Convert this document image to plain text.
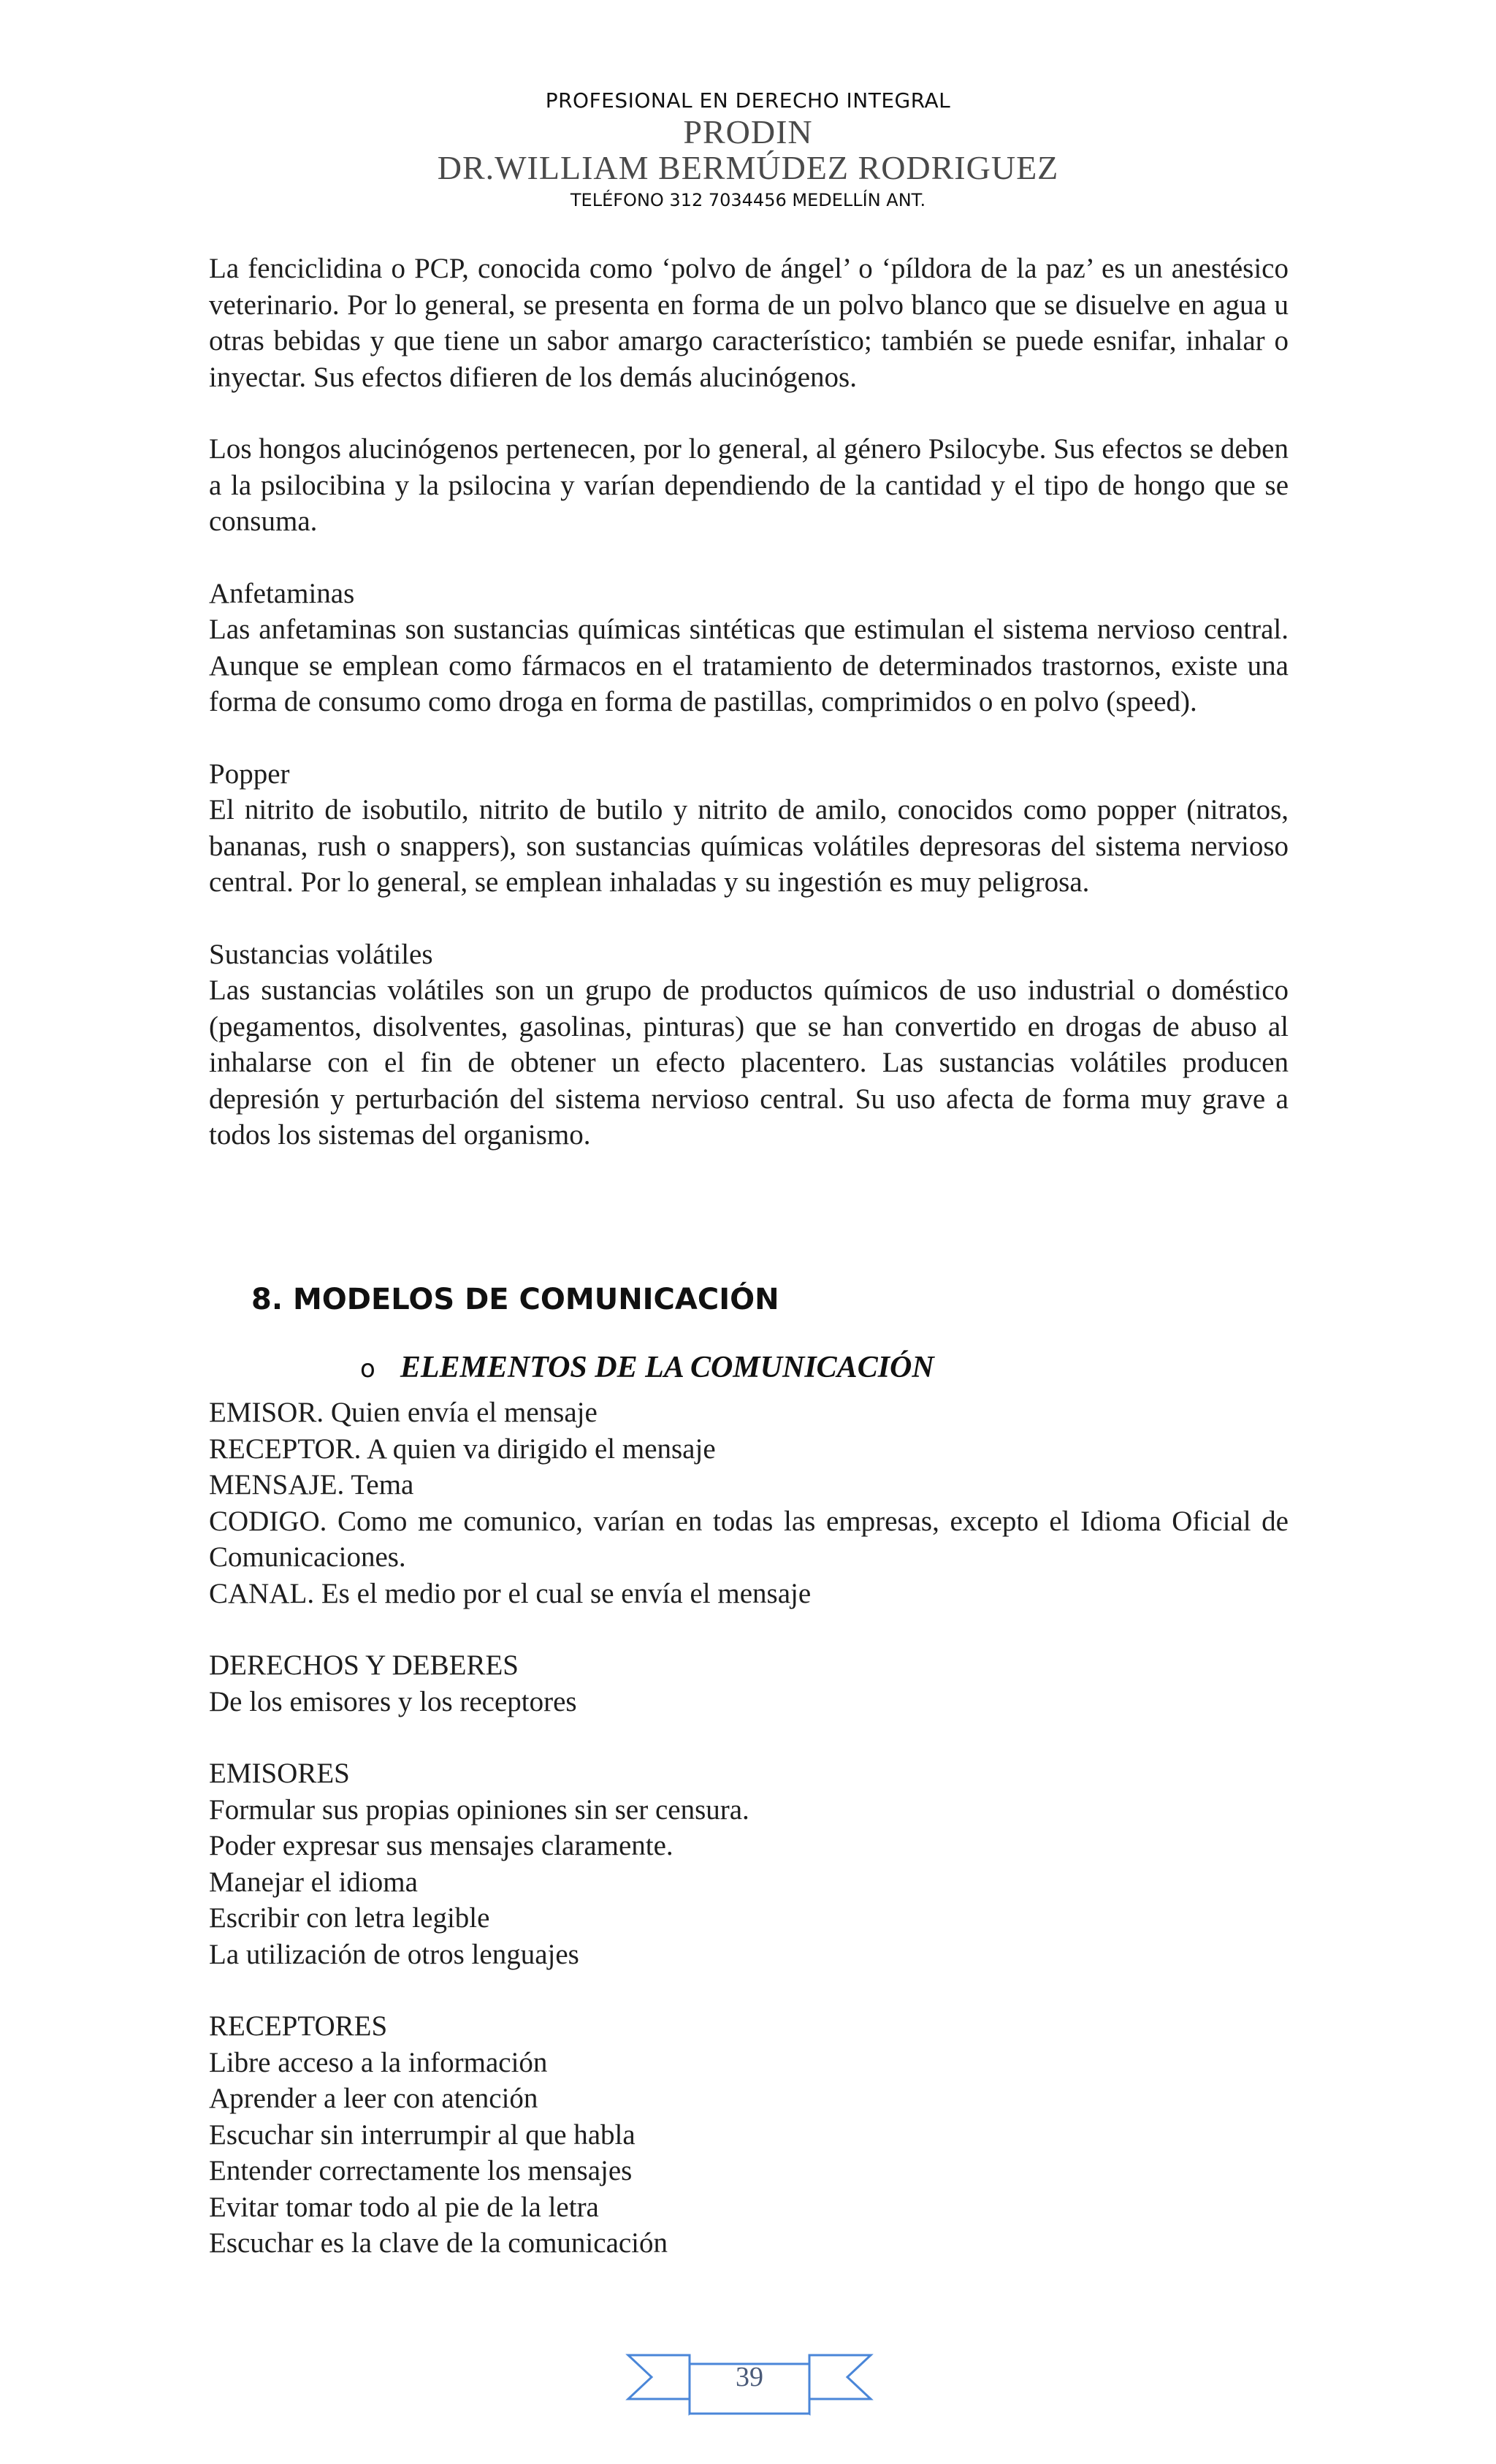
PROFESIONAL EN DERECHO INTEGRAL
PRODIN
DR.WILLIAM BERMÚDEZ RODRIGUEZ
TELÉFONO 312 7034456 MEDELLÍN ANT.

La fenciclidina o PCP, conocida como ‘polvo de ángel’ o ‘píldora de la paz’ es un anestésico veterinario. Por lo general, se presenta en forma de un polvo blanco que se disuelve en agua u otras bebidas y que tiene un sabor amargo característico; también se puede esnifar, inhalar o inyectar. Sus efectos difieren de los demás alucinógenos.

Los hongos alucinógenos pertenecen, por lo general, al género Psilocybe. Sus efectos se deben a la psilocibina y la psilocina y varían dependiendo de la cantidad y el tipo de hongo que se consuma.

Anfetaminas

Las anfetaminas son sustancias químicas sintéticas que estimulan el sistema nervioso central. Aunque se emplean como fármacos en el tratamiento de determinados trastornos, existe una forma de consumo como droga en forma de pastillas, comprimidos o en polvo (speed).

Popper

El nitrito de isobutilo, nitrito de butilo y nitrito de amilo, conocidos como popper (nitratos, bananas, rush o snappers), son sustancias químicas volátiles depresoras del sistema nervioso central. Por lo general, se emplean inhaladas y su ingestión es muy peligrosa.

Sustancias volátiles

Las sustancias volátiles son un grupo de productos químicos de uso industrial o doméstico (pegamentos, disolventes, gasolinas, pinturas) que se han convertido en drogas de abuso al inhalarse con el fin de obtener un efecto placentero. Las sustancias volátiles producen depresión y perturbación del sistema nervioso central. Su uso afecta de forma muy grave a todos los sistemas del organismo.

8. MODELOS DE COMUNICACIÓN
o ELEMENTOS DE LA COMUNICACIÓN

EMISOR. Quien envía el mensaje

RECEPTOR. A quien va dirigido el mensaje

MENSAJE. Tema

CODIGO. Como me comunico, varían en todas las empresas, excepto el Idioma Oficial de Comunicaciones.

CANAL. Es el medio por el cual se envía el mensaje

DERECHOS Y DEBERES

De los emisores y los receptores

EMISORES

Formular sus propias opiniones sin ser censura.

Poder expresar sus mensajes claramente.

Manejar el idioma

Escribir con letra legible

La utilización de otros lenguajes

RECEPTORES

Libre acceso a la información

Aprender a leer con atención

Escuchar sin interrumpir al que habla

Entender correctamente los mensajes

Evitar tomar todo al pie de la letra

Escuchar es la clave de la comunicación

39
